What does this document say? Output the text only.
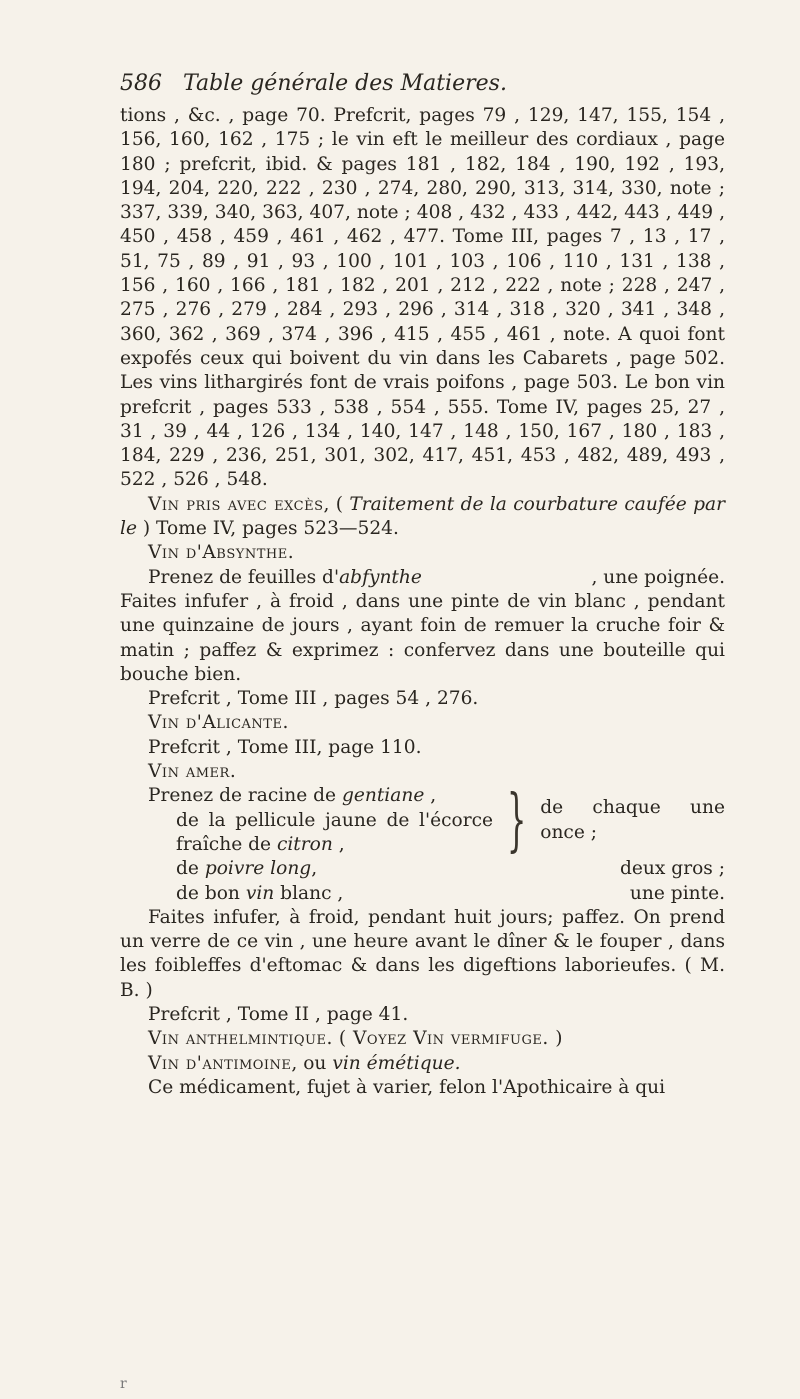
586 Table générale des Matieres.

tions , &c. , page 70. Prefcrit, pages 79 , 129, 147, 155, 154 , 156, 160, 162 , 175 ; le vin eft le meilleur des cordiaux , page 180 ; prefcrit, ibid. & pages 181 , 182, 184 , 190, 192 , 193, 194, 204, 220, 222 , 230 , 274, 280, 290, 313, 314, 330, note ; 337, 339, 340, 363, 407, note ; 408 , 432 , 433 , 442, 443 , 449 , 450 , 458 , 459 , 461 , 462 , 477. Tome III, pages 7 , 13 , 17 , 51, 75 , 89 , 91 , 93 , 100 , 101 , 103 , 106 , 110 , 131 , 138 , 156 , 160 , 166 , 181 , 182 , 201 , 212 , 222 , note ; 228 , 247 , 275 , 276 , 279 , 284 , 293 , 296 , 314 , 318 , 320 , 341 , 348 , 360, 362 , 369 , 374 , 396 , 415 , 455 , 461 , note. A quoi font expofés ceux qui boivent du vin dans les Cabarets , page 502. Les vins lithargirés font de vrais poifons , page 503. Le bon vin prefcrit , pages 533 , 538 , 554 , 555. Tome IV, pages 25, 27 , 31 , 39 , 44 , 126 , 134 , 140, 147 , 148 , 150, 167 , 180 , 183 , 184, 229 , 236, 251, 301, 302, 417, 451, 453 , 482, 489, 493 , 522 , 526 , 548.

Vin pris avec excès, ( Traitement de la courbature caufée par le ) Tome IV, pages 523—524.

Vin d'Absynthe.

Prenez de feuilles d'abfynthe	, une poignée.

Faites infufer , à froid , dans une pinte de vin blanc , pendant une quinzaine de jours , ayant foin de remuer la cruche foir & matin ; paffez & exprimez : confervez dans une bouteille qui bouche bien.

Prefcrit , Tome III , pages 54 , 276.

Vin d'Alicante.

Prefcrit , Tome III, page 110.

Vin amer.

Prenez de racine de gentiane ,
de la pellicule jaune de l'écorce fraîche de citron ,	} de chaque une once ;
de poivre long,	deux gros ;
de bon vin blanc ,	une pinte.

Faites infufer, à froid, pendant huit jours; paffez. On prend un verre de ce vin , une heure avant le dîner & le fouper , dans les foibleffes d'eftomac & dans les digeftions laborieufes. ( M. B. )

Prefcrit , Tome II , page 41.

Vin anthelmintique. ( Voyez Vin vermifuge. )

Vin d'antimoine, ou vin émétique.

Ce médicament, fujet à varier, felon l'Apothicaire à qui

r
